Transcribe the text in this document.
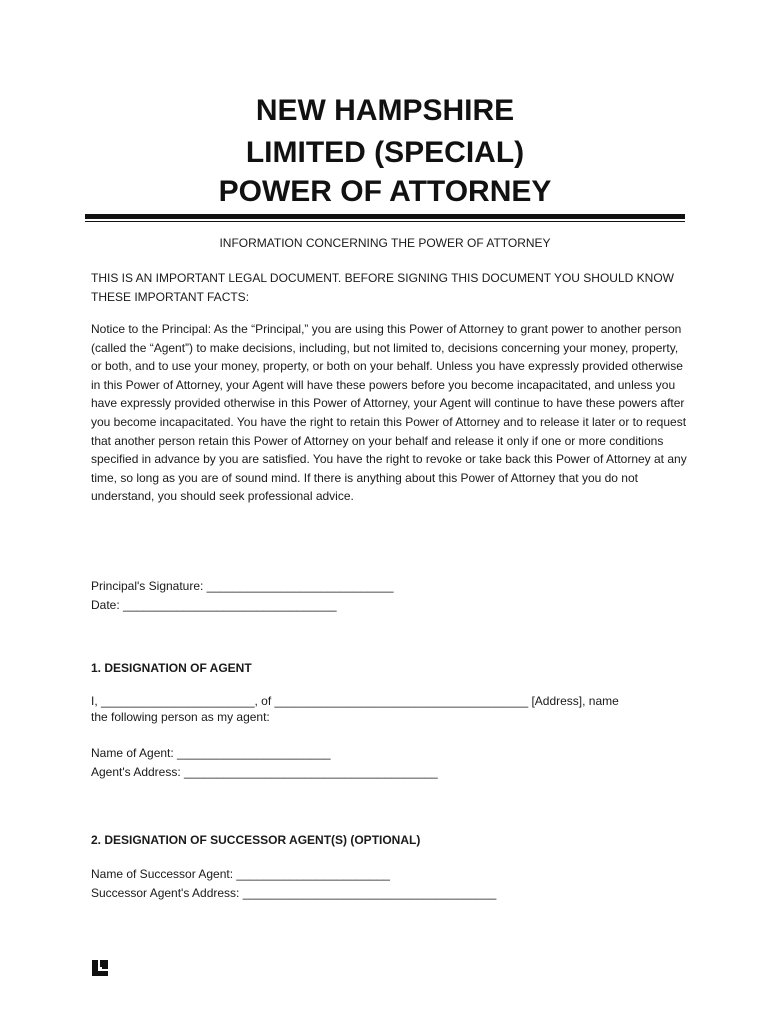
NEW HAMPSHIRE
LIMITED (SPECIAL)
POWER OF ATTORNEY
INFORMATION CONCERNING THE POWER OF ATTORNEY

THIS IS AN IMPORTANT LEGAL DOCUMENT. BEFORE SIGNING THIS DOCUMENT YOU SHOULD KNOW THESE IMPORTANT FACTS:

Notice to the Principal: As the “Principal,” you are using this Power of Attorney to grant power to another person (called the “Agent”) to make decisions, including, but not limited to, decisions concerning your money, property, or both, and to use your money, property, or both on your behalf. Unless you have expressly provided otherwise in this Power of Attorney, your Agent will have these powers before you become incapacitated, and unless you have expressly provided otherwise in this Power of Attorney, your Agent will continue to have these powers after you become incapacitated. You have the right to retain this Power of Attorney and to release it later or to request that another person retain this Power of Attorney on your behalf and release it only if one or more conditions specified in advance by you are satisfied. You have the right to revoke or take back this Power of Attorney at any time, so long as you are of sound mind. If there is anything about this Power of Attorney that you do not understand, you should seek professional advice.

Principal's Signature: ____________________________
Date: ________________________________
1. DESIGNATION OF AGENT
I, _______________________, of ______________________________________ [Address], name
the following person as my agent:
Name of Agent: _______________________
Agent's Address: ______________________________________
2. DESIGNATION OF SUCCESSOR AGENT(S) (OPTIONAL)
Name of Successor Agent: _______________________
Successor Agent's Address: ______________________________________
